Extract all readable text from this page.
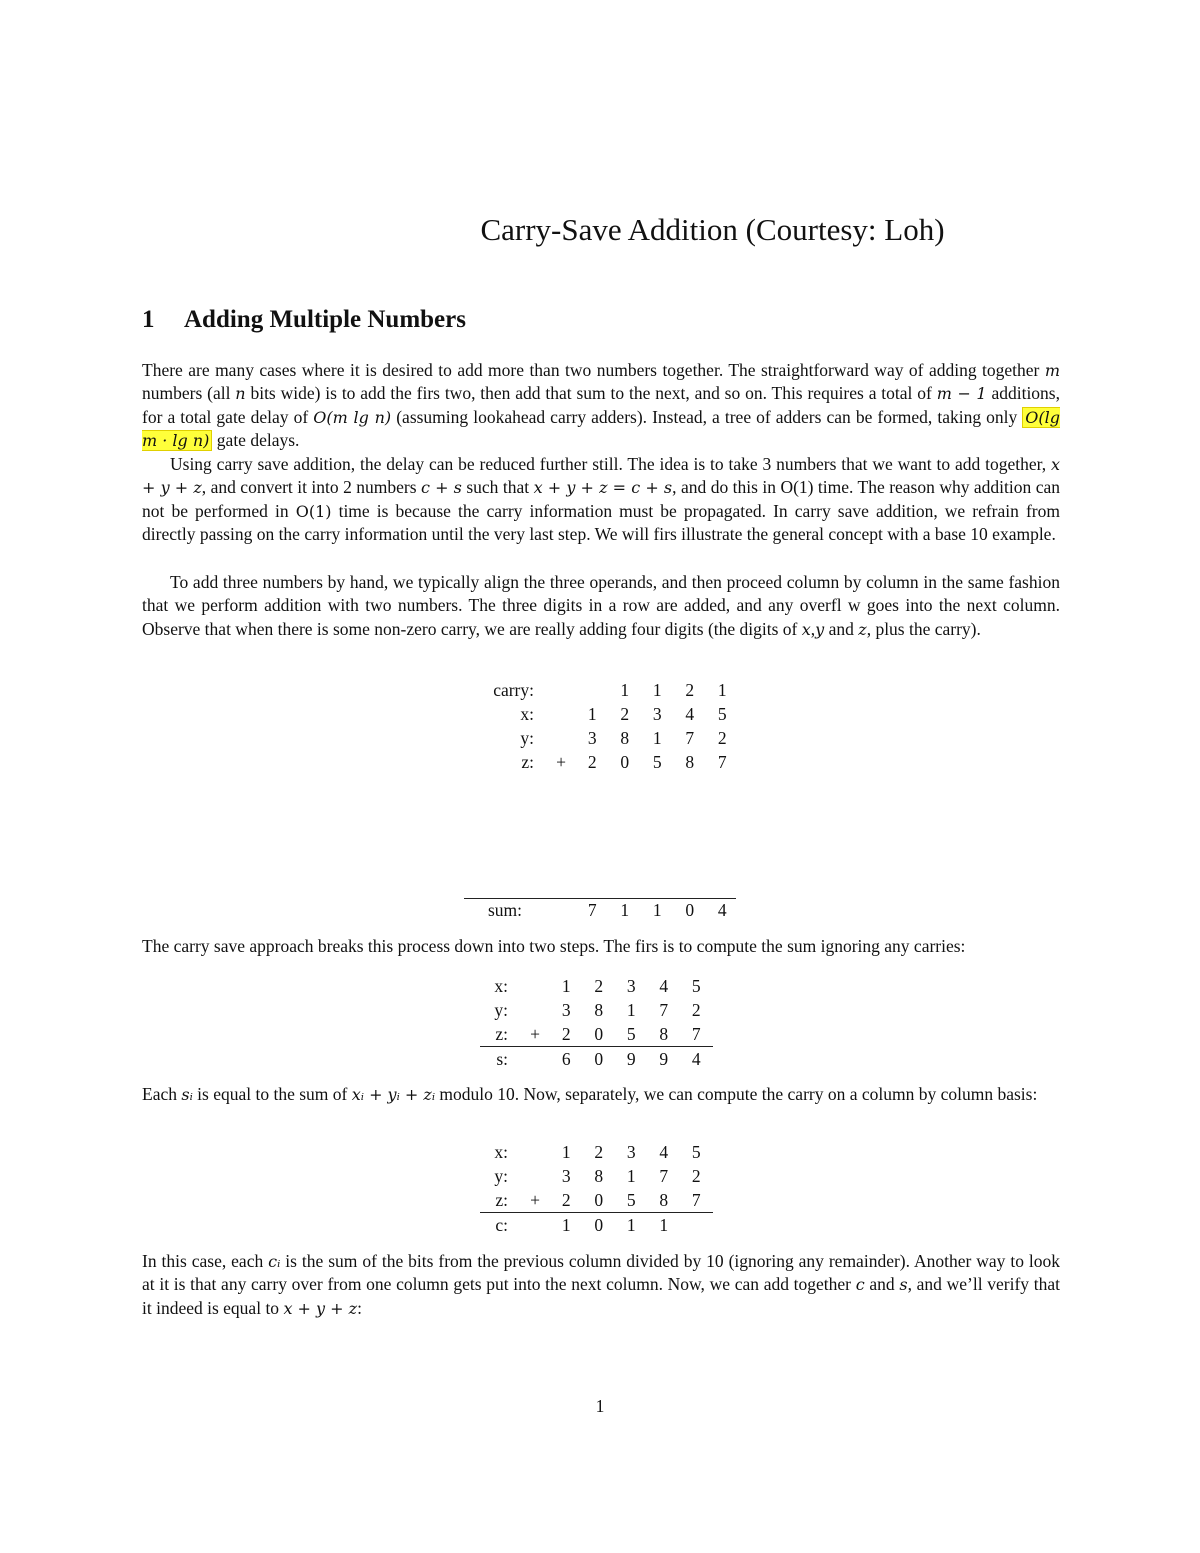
Carry-Save Addition (Courtesy: Loh)
1 Adding Multiple Numbers
There are many cases where it is desired to add more than two numbers together. The straightforward way of adding together m numbers (all n bits wide) is to add the firs two, then add that sum to the next, and so on. This requires a total of m − 1 additions, for a total gate delay of O(m lg n) (assuming lookahead carry adders). Instead, a tree of adders can be formed, taking only O(lg m · lg n) gate delays.
Using carry save addition, the delay can be reduced further still. The idea is to take 3 numbers that we want to add together, x + y + z, and convert it into 2 numbers c + s such that x + y + z = c + s, and do this in O(1) time. The reason why addition can not be performed in O(1) time is because the carry information must be propagated. In carry save addition, we refrain from directly passing on the carry information until the very last step. We will firs illustrate the general concept with a base 10 example.
To add three numbers by hand, we typically align the three operands, and then proceed column by column in the same fashion that we perform addition with two numbers. The three digits in a row are added, and any overfl w goes into the next column. Observe that when there is some non-zero carry, we are really adding four digits (the digits of x,y and z, plus the carry).
carry:			1	1	2	1
x:		1	2	3	4	5
y:		3	8	1	7	2
z:	+	2	0	5	8	7
sum:		7	1	1	0	4
The carry save approach breaks this process down into two steps. The firs is to compute the sum ignoring any carries:
x:		1	2	3	4	5
y:		3	8	1	7	2
z:	+	2	0	5	8	7
s:		6	0	9	9	4
Each sᵢ is equal to the sum of xᵢ + yᵢ + zᵢ modulo 10. Now, separately, we can compute the carry on a column by column basis:
x:		1	2	3	4	5
y:		3	8	1	7	2
z:	+	2	0	5	8	7
c:		1	0	1	1	
In this case, each cᵢ is the sum of the bits from the previous column divided by 10 (ignoring any remainder). Another way to look at it is that any carry over from one column gets put into the next column. Now, we can add together c and s, and we’ll verify that it indeed is equal to x + y + z:
1
